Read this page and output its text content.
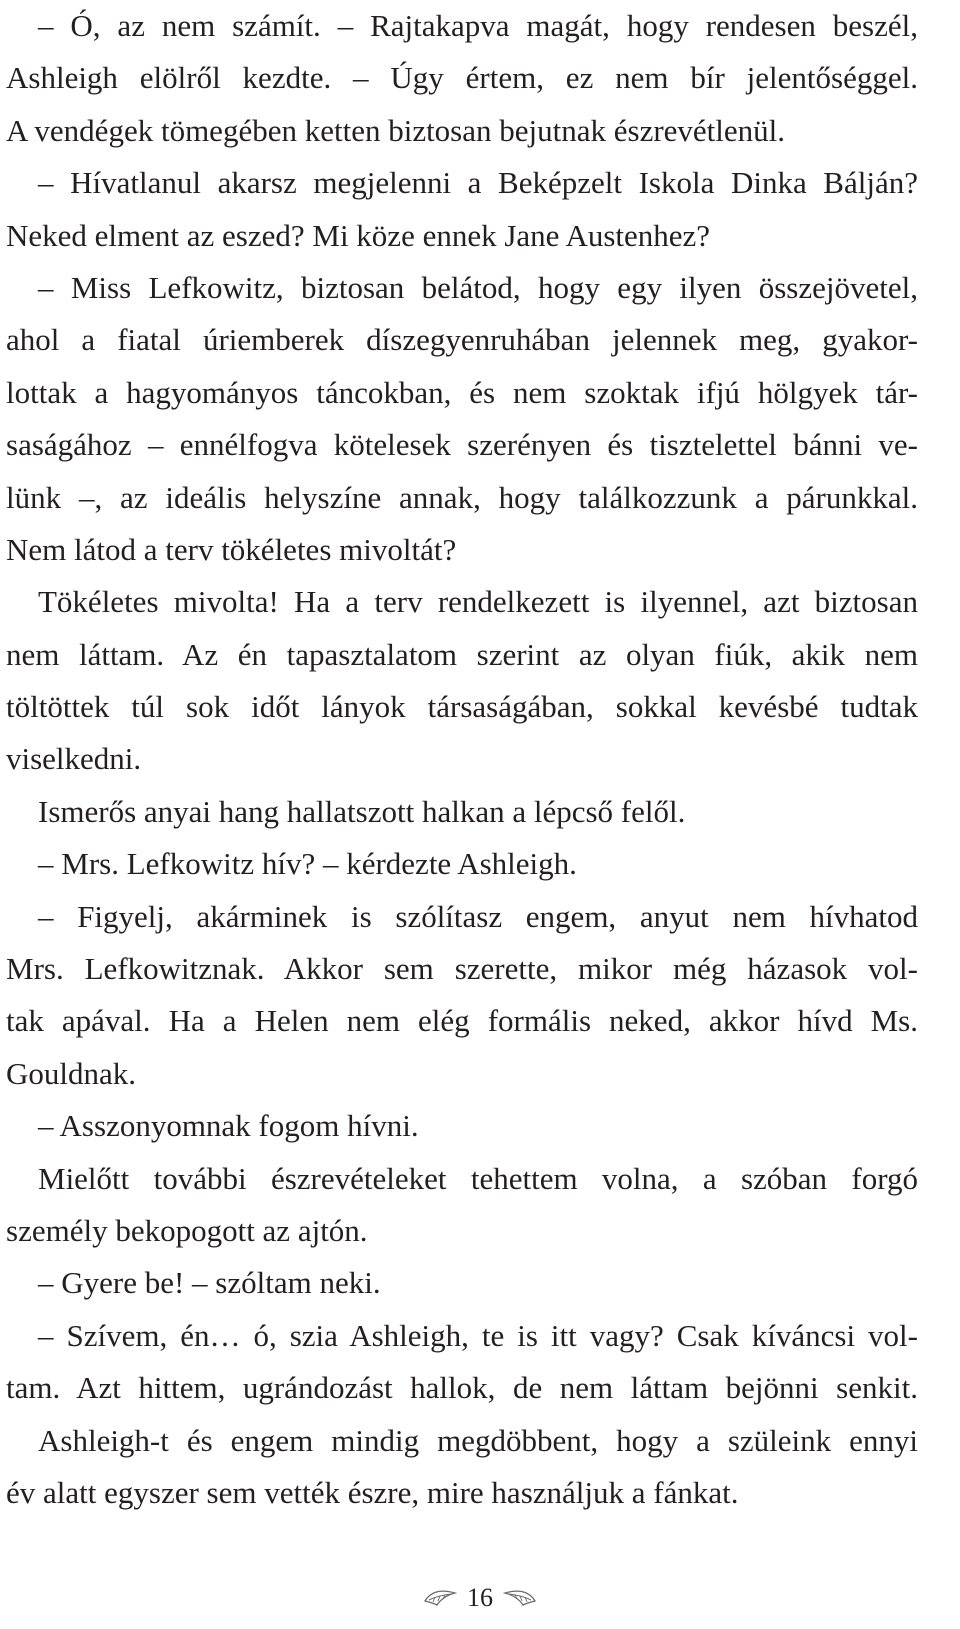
– Ó, az nem számít. – Rajtakapva magát, hogy rendesen beszél,
Ashleigh elölről kezdte. – Úgy értem, ez nem bír jelentőséggel.
A vendégek tömegében ketten biztosan bejutnak észrevétlenül.
– Hívatlanul akarsz megjelenni a Beképzelt Iskola Dinka Bálján?
Neked elment az eszed? Mi köze ennek Jane Austenhez?
– Miss Lefkowitz, biztosan belátod, hogy egy ilyen összejövetel,
ahol a fiatal úriemberek díszegyenruhában jelennek meg, gyakor-
lottak a hagyományos táncokban, és nem szoktak ifjú hölgyek tár-
saságához – ennélfogva kötelesek szerényen és tisztelettel bánni ve-
lünk –, az ideális helyszíne annak, hogy találkozzunk a párunkkal.
Nem látod a terv tökéletes mivoltát?
Tökéletes mivolta! Ha a terv rendelkezett is ilyennel, azt biztosan
nem láttam. Az én tapasztalatom szerint az olyan fiúk, akik nem
töltöttek túl sok időt lányok társaságában, sokkal kevésbé tudtak
viselkedni.
Ismerős anyai hang hallatszott halkan a lépcső felől.
– Mrs. Lefkowitz hív? – kérdezte Ashleigh.
– Figyelj, akárminek is szólítasz engem, anyut nem hívhatod
Mrs. Lefkowitznak. Akkor sem szerette, mikor még házasok vol-
tak apával. Ha a Helen nem elég formális neked, akkor hívd Ms.
Gouldnak.
– Asszonyomnak fogom hívni.
Mielőtt további észrevételeket tehettem volna, a szóban forgó
személy bekopogott az ajtón.
– Gyere be! – szóltam neki.
– Szívem, én… ó, szia Ashleigh, te is itt vagy? Csak kíváncsi vol-
tam. Azt hittem, ugrándozást hallok, de nem láttam bejönni senkit.
Ashleigh-t és engem mindig megdöbbent, hogy a szüleink ennyi
év alatt egyszer sem vették észre, mire használjuk a fánkat.
16
